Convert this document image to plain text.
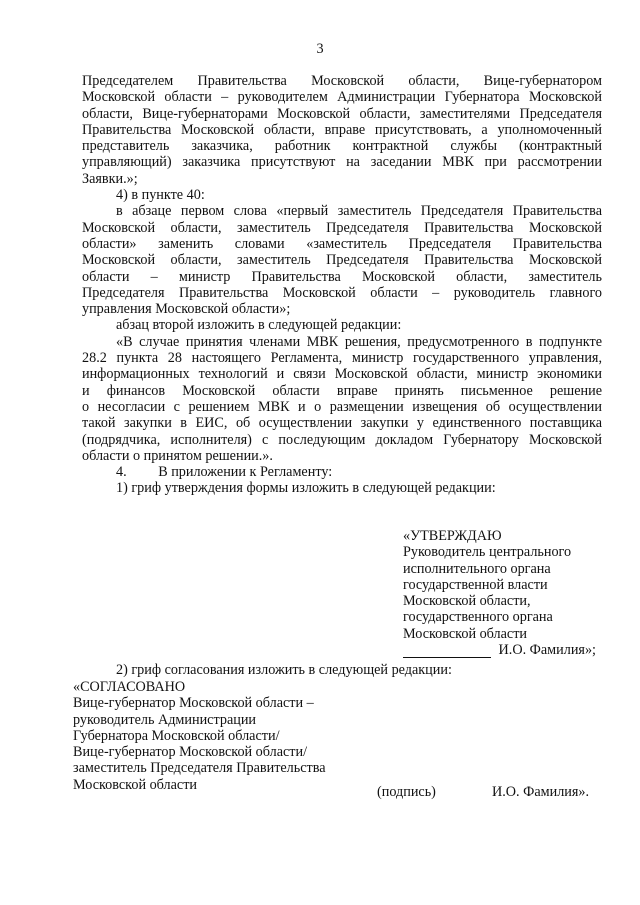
3
Председателем Правительства Московской области, Вице-губернатором
Московской области – руководителем Администрации Губернатора Московской
области, Вице-губернаторами Московской области, заместителями Председателя
Правительства Московской области, вправе присутствовать, а уполномоченный
представитель заказчика, работник контрактной службы (контрактный
управляющий) заказчика присутствуют на заседании МВК при рассмотрении
Заявки.»;
4) в пункте 40:
в абзаце первом слова «первый заместитель Председателя Правительства
Московской области, заместитель Председателя Правительства Московской
области» заменить словами «заместитель Председателя Правительства
Московской области, заместитель Председателя Правительства Московской
области – министр Правительства Московской области, заместитель
Председателя Правительства Московской области – руководитель главного
управления Московской области»;
абзац второй изложить в следующей редакции:
«В случае принятия членами МВК решения, предусмотренного в подпункте
28.2 пункта 28 настоящего Регламента, министр государственного управления,
информационных технологий и связи Московской области, министр экономики
и финансов Московской области вправе принять письменное решение
о несогласии с решением МВК и о размещении извещения об осуществлении
такой закупки в ЕИС, об осуществлении закупки у единственного поставщика
(подрядчика, исполнителя) с последующим докладом Губернатору Московской
области о принятом решении.».
4. В приложении к Регламенту:
1) гриф утверждения формы изложить в следующей редакции:
«УТВЕРЖДАЮ
Руководитель центрального
исполнительного органа
государственной власти
Московской области,
государственного органа
Московской области
И.О. Фамилия»;
2) гриф согласования изложить в следующей редакции:
«СОГЛАСОВАНО
Вице-губернатор Московской области –
руководитель Администрации
Губернатора Московской области/
Вице-губернатор Московской области/
заместитель Председателя Правительства
Московской области	(подпись)	И.О. Фамилия».
